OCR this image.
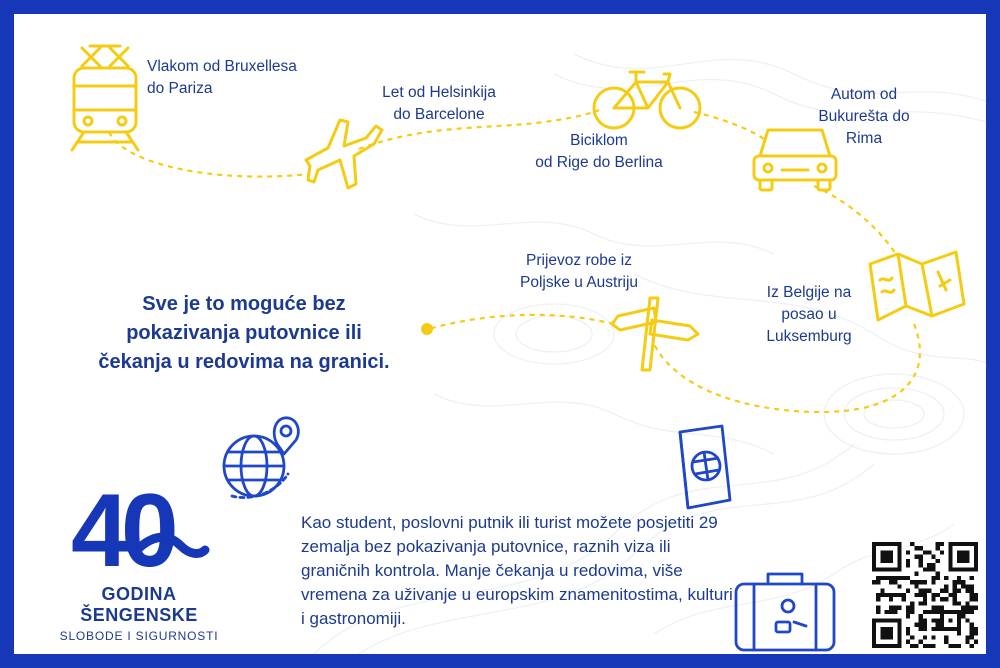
Vlakom od Bruxellesa
do Pariza	Let od Helsinkija
do Barcelone
Biciklom
od Rige do Berlina
Autom od
Bukurešta do
Rima
Iz Belgije na
posao u
Luksemburg
Prijevoz robe iz
Poljske u Austriju
Sve je to moguće bez
pokazivanja putovnice ili
čekanja u redovima na granici.
Kao student, poslovni putnik ili turist možete posjetiti 29 zemalja bez pokazivanja putovnice, raznih viza ili graničnih kontrola. Manje čekanja u redovima, više vremena za uživanje u europskim znamenitostima, kulturi i gastronomiji.
40
GODINA
ŠENGENSKE
SLOBODE I SIGURNOSTI
